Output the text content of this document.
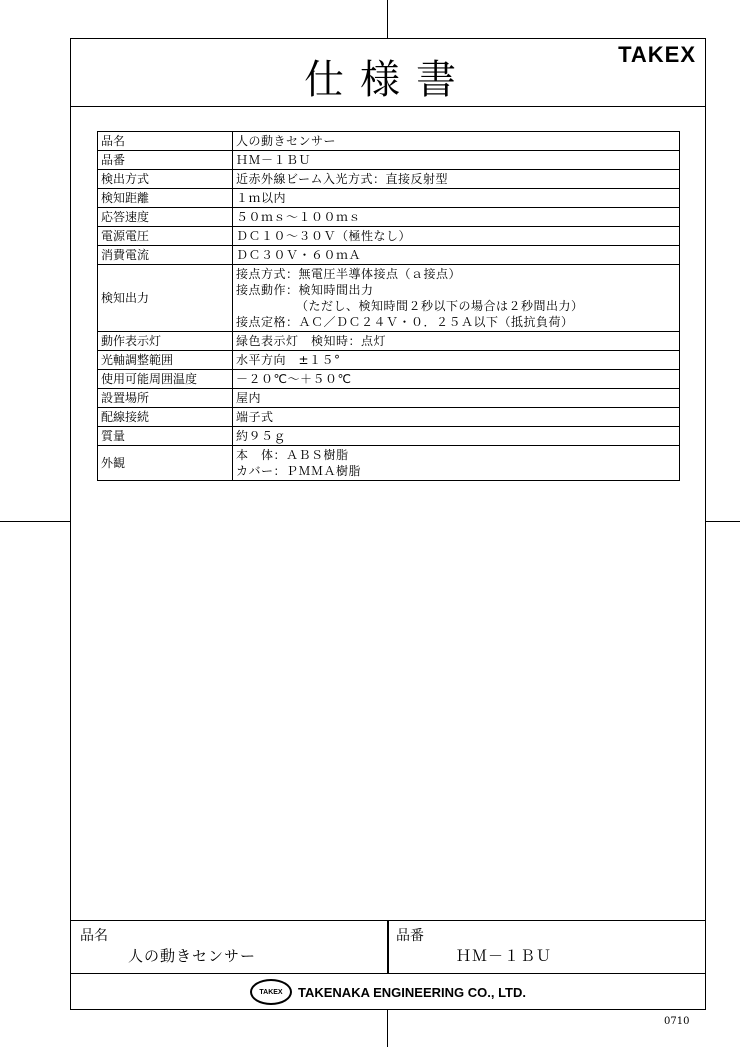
仕様書
TAKEX
品名	人の動きセンサー

品番	ＨＭ－１ＢＵ

検出方式	近赤外線ビーム入光方式：直接反射型

検知距離	１ｍ以内

応答速度	５０ｍｓ～１００ｍｓ

電源電圧	ＤＣ１０～３０Ｖ（極性なし）

消費電流	ＤＣ３０Ｖ・６０ｍＡ

検知出力	接点方式：無電圧半導体接点（ａ接点）
接点動作：検知時間出力
（ただし、検知時間２秒以下の場合は２秒間出力）
接点定格：ＡＣ／ＤＣ２４Ｖ・０．２５Ａ以下（抵抗負荷）

動作表示灯	緑色表示灯　検知時：点灯

光軸調整範囲	水平方向　±１５°

使用可能周囲温度	－２０℃～＋５０℃

設置場所	屋内

配線接続	端子式

質量	約９５ｇ

外観	本　体：ＡＢＳ樹脂
カバー：ＰＭＭＡ樹脂
品名
人の動きセンサー
品番
ＨＭ－１ＢＵ
TAKEX	TAKENAKA ENGINEERING CO., LTD.
0710
